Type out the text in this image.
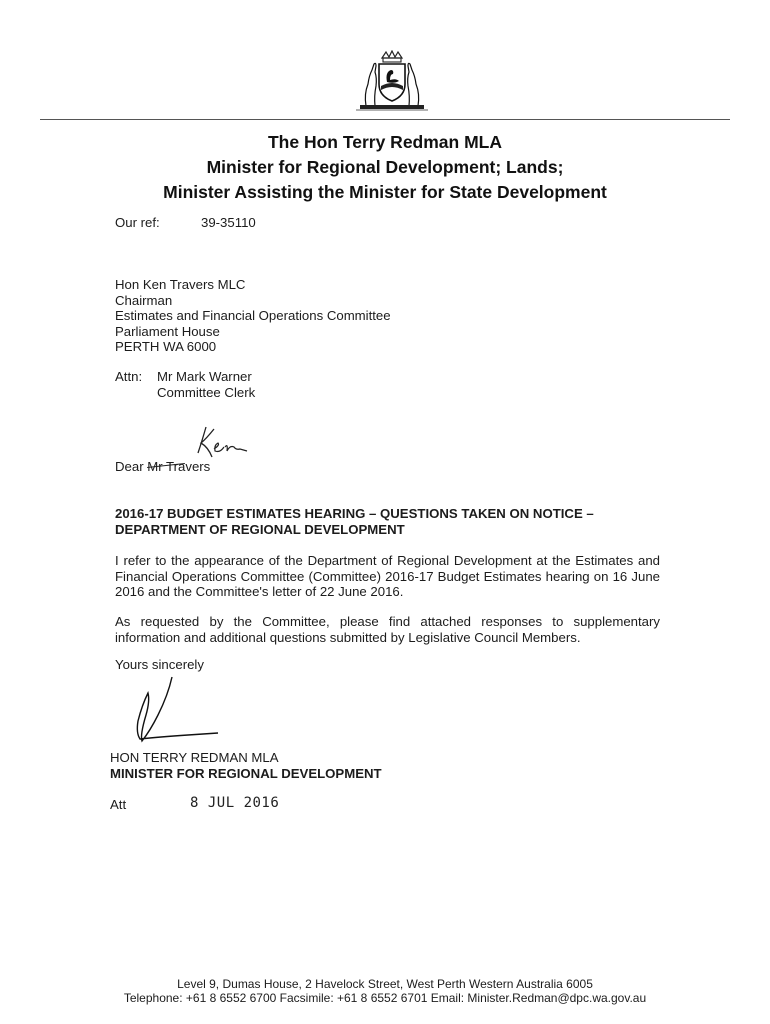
The Hon Terry Redman MLA
Minister for Regional Development; Lands;
Minister Assisting the Minister for State Development
Our ref:	39-35110
Hon Ken Travers MLC
Chairman
Estimates and Financial Operations Committee
Parliament House
PERTH WA 6000
Attn: Mr Mark Warner
Committee Clerk
Dear Mr Travers
2016-17 BUDGET ESTIMATES HEARING – QUESTIONS TAKEN ON NOTICE –
DEPARTMENT OF REGIONAL DEVELOPMENT
I refer to the appearance of the Department of Regional Development at the Estimates and Financial Operations Committee (Committee) 2016-17 Budget Estimates hearing on 16 June 2016 and the Committee's letter of 22 June 2016.
As requested by the Committee, please find attached responses to supplementary information and additional questions submitted by Legislative Council Members.
Yours sincerely
HON TERRY REDMAN MLA
MINISTER FOR REGIONAL DEVELOPMENT
Att	8 JUL 2016
Level 9, Dumas House, 2 Havelock Street, West Perth Western Australia 6005
Telephone: +61 8 6552 6700 Facsimile: +61 8 6552 6701 Email: Minister.Redman@dpc.wa.gov.au
